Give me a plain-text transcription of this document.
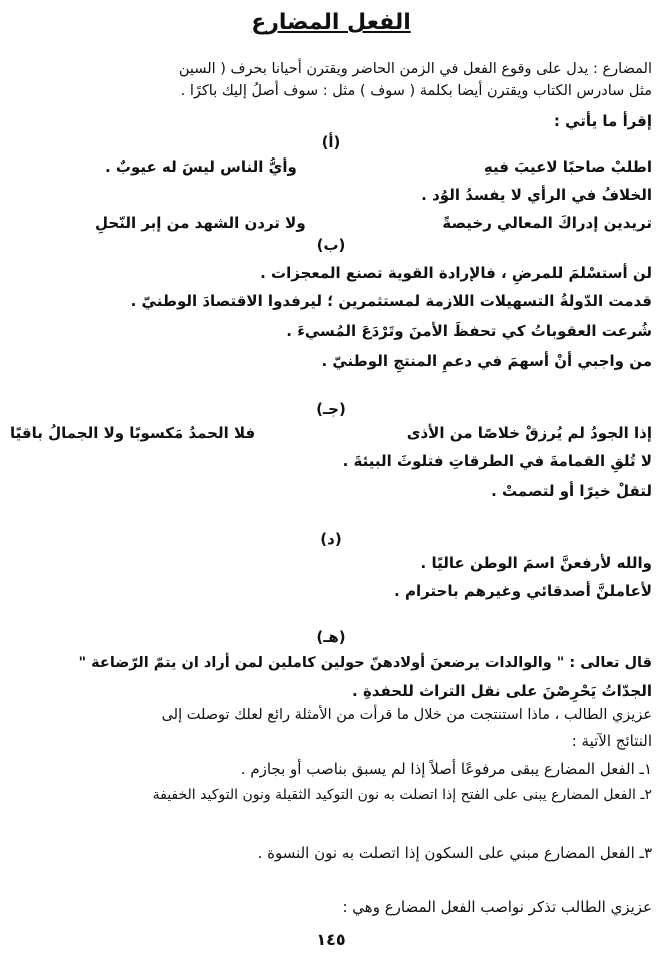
الفعل المضارع
المضارع : يدل على وقوع الفعل في الزمن الحاضر ويقترن أحيانا بحرف ( السين
مثل سادرس الكتاب ويقترن أيضا بكلمة ( سوف ) مثل : سوف أصلُ إليك باكرًا .
إقرأ ما يأتي :
(أ)
اطلبْ صاحبًا لاعيبَ فيهِ
وأيُّ الناس ليسَ له عيوبٌ .
الخلافُ في الرأي لا يفسدُ الوُد .
تريدين إدراكَ المعالي رخيصةً
ولا تردن الشهد من إبر النّحلِ
(ب)
لن أستسْلمَ للمرضِ ، فالإرادة القوية تصنع المعجزات .
قدمت الدّولةُ التسهيلات اللازمة لمستثمرين ؛ ليرفدوا الاقتصادَ الوطنيّ .
شُرعت العقوباتُ كي تحفظَ الأمنَ وتَرْدَعَ المُسيءَ .
من واجبي أنْ أسهمَ في دعمِ المنتجِ الوطنيّ .
(جـ)
إذا الجودُ لم يُرزقْ خلاصًا من الأذى
فلا الحمدُ مَكسوبًا ولا الجمالُ باقيًا
لا تُلقِ القمامةَ في الطرقاتِ فتلوثَ البيئةَ .
لتقلْ خيرًا أو لتصمتْ .
(د)
والله لأرفعنَّ اسمَ الوطن عاليًا .
لأعاملنَّ أصدقائي وغيرهم باحترام .
(هـ)
قال تعالى : " والوالدات يرضعنَ أولادهنّ حولين كاملين لمن أراد ان يتمّ الرّضاعة "
الجدّاتُ يَحْرِصْنَ على نقل التراث للحفدةِ .
عزيزي الطالب ، ماذا استنتجت من خلال ما قرأت من الأمثلة رائع لعلك توصلت إلى
النتائج الآتية :
١ـ الفعل المضارع يبقى مرفوعًا أصلاً إذا لم يسبق بناصب أو بجازم .
٢ـ الفعل المضارع يبنى على الفتح إذا اتصلت به نون التوكيد الثقيلة ونون التوكيد الخفيفة
٣ـ الفعل المضارع مبني على السكون إذا اتصلت به نون النسوة .
عزيزي الطالب تذكر نواصب الفعل المضارع وهي :
١٤٥
